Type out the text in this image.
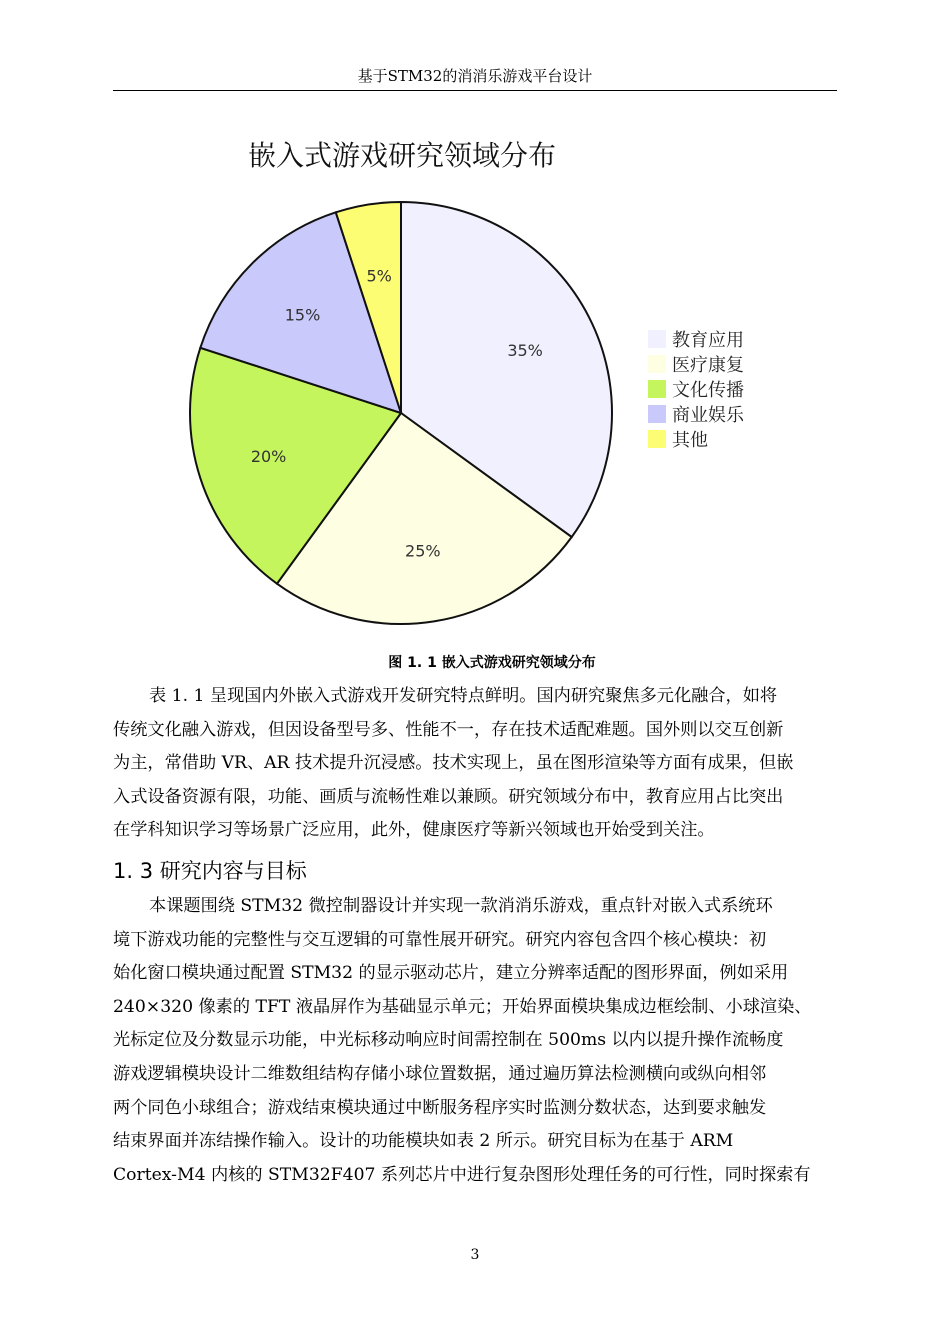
基于STM32的消消乐游戏平台设计
嵌入式游戏研究领域分布
35%
25%
20%
15%
5%
教育应用
医疗康复
文化传播
商业娱乐
其他
图 1. 1 嵌入式游戏研究领域分布
表 1. 1 呈现国内外嵌入式游戏开发研究特点鲜明。国内研究聚焦多元化融合，如将
传统文化融入游戏，但因设备型号多、性能不一，存在技术适配难题。国外则以交互创新
为主，常借助 VR、AR 技术提升沉浸感。技术实现上，虽在图形渲染等方面有成果，但嵌
入式设备资源有限，功能、画质与流畅性难以兼顾。研究领域分布中，教育应用占比突出
在学科知识学习等场景广泛应用，此外，健康医疗等新兴领域也开始受到关注。
1. 3 研究内容与目标
本课题围绕 STM32 微控制器设计并实现一款消消乐游戏，重点针对嵌入式系统环
境下游戏功能的完整性与交互逻辑的可靠性展开研究。研究内容包含四个核心模块：初
始化窗口模块通过配置 STM32 的显示驱动芯片，建立分辨率适配的图形界面，例如采用
240×320 像素的 TFT 液晶屏作为基础显示单元；开始界面模块集成边框绘制、小球渲染、
光标定位及分数显示功能，中光标移动响应时间需控制在 500ms 以内以提升操作流畅度
游戏逻辑模块设计二维数组结构存储小球位置数据，通过遍历算法检测横向或纵向相邻
两个同色小球组合；游戏结束模块通过中断服务程序实时监测分数状态，达到要求触发
结束界面并冻结操作输入。设计的功能模块如表 2 所示。研究目标为在基于 ARM
Cortex-M4 内核的 STM32F407 系列芯片中进行复杂图形处理任务的可行性，同时探索有
3
